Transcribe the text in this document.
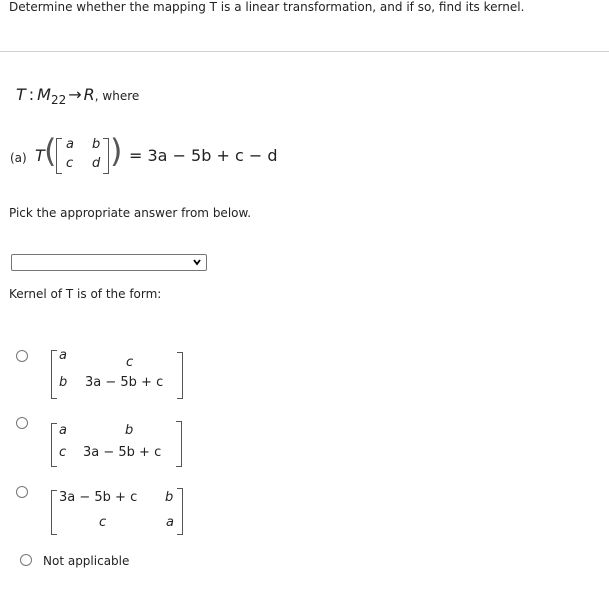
Determine whether the mapping T is a linear transformation, and if so, find its kernel.
T : $M_{22} \to R$, where
(a) T ( a b
c d ) = 3a − 5b + c − d
Pick the appropriate answer from below.
Kernel of T is of the form:
a	c
b 3a − 5b + c
a	b
c 3a − 5b + c
3a − 5b + c b
c	a
Not applicable
